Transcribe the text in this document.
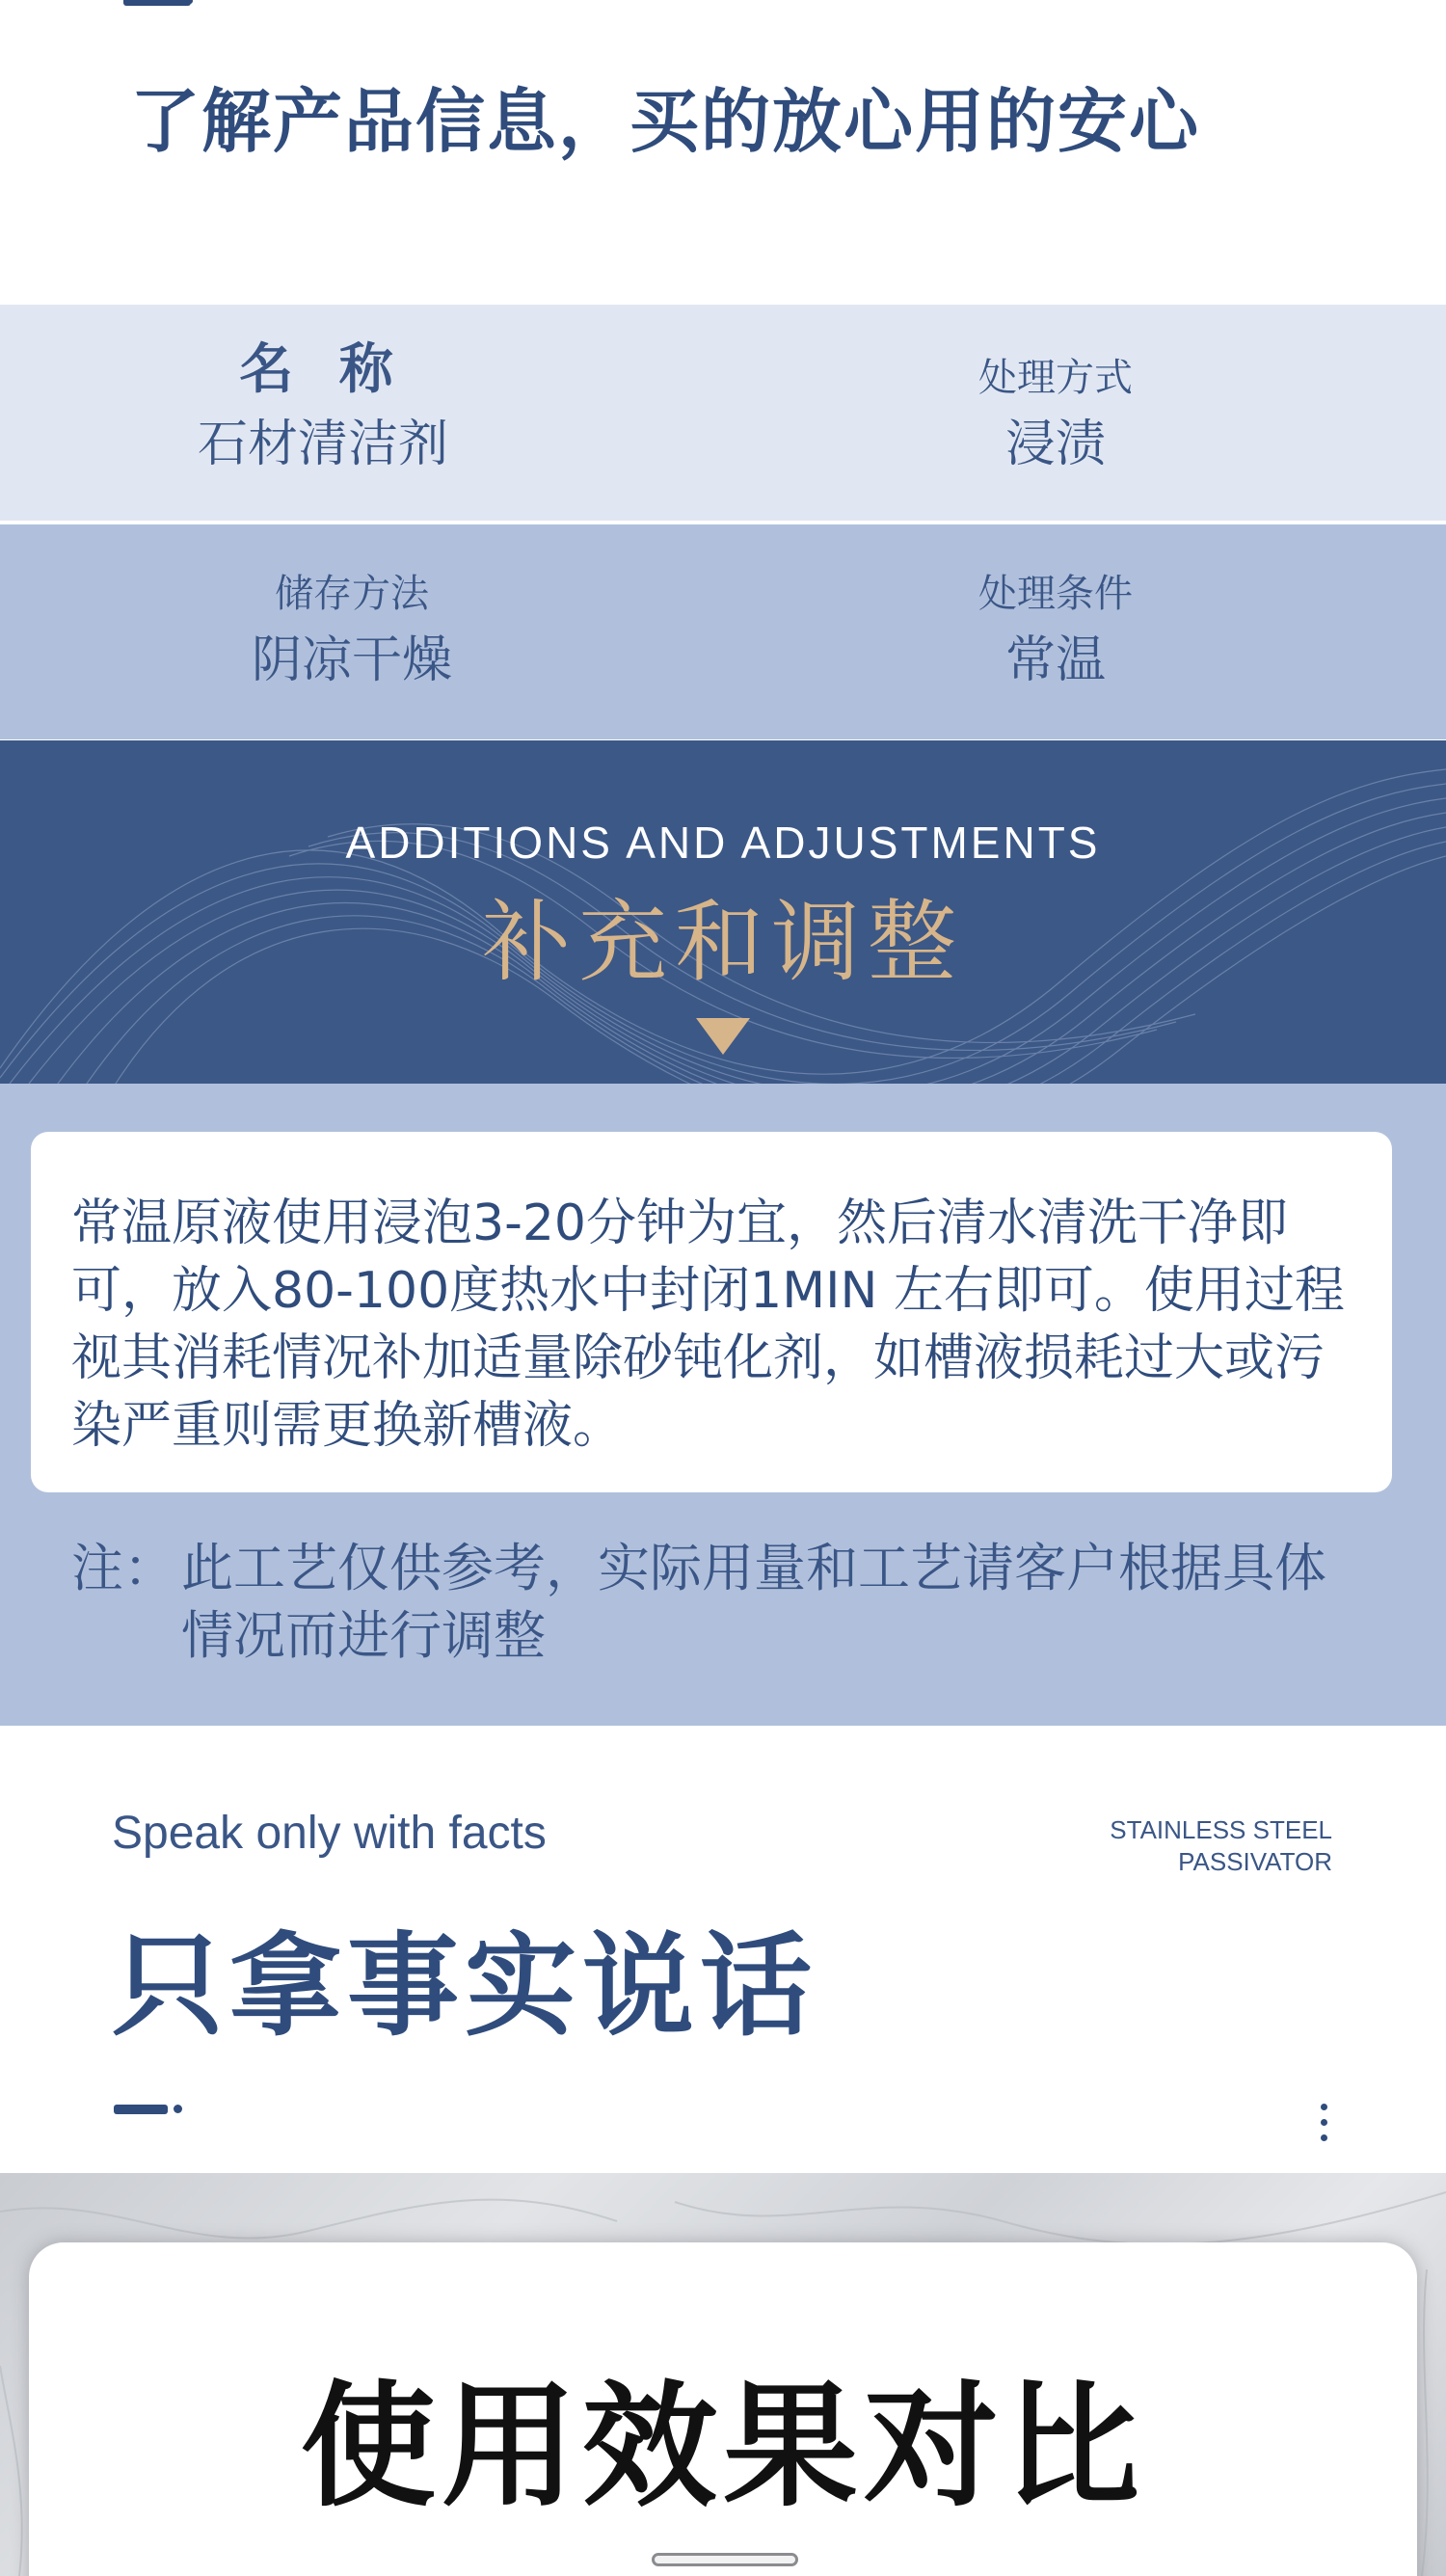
了解产品信息，买的放心用的安心
名 称
石材清洁剂
处理方式
浸渍
储存方法
阴凉干燥
处理条件
常温
ADDITIONS AND ADJUSTMENTS
补充和调整
常温原液使用浸泡3-20分钟为宜，然后清水清洗干净即可，放入80-100度热水中封闭1MIN 左右即可。使用过程视其消耗情况补加适量除砂钝化剂，如槽液损耗过大或污染严重则需更换新槽液。
注： 此工艺仅供参考，实际用量和工艺请客户根据具体情况而进行调整
Speak only with facts	STAINLESS STEEL
PASSIVATOR
只拿事实说话
使用效果对比
